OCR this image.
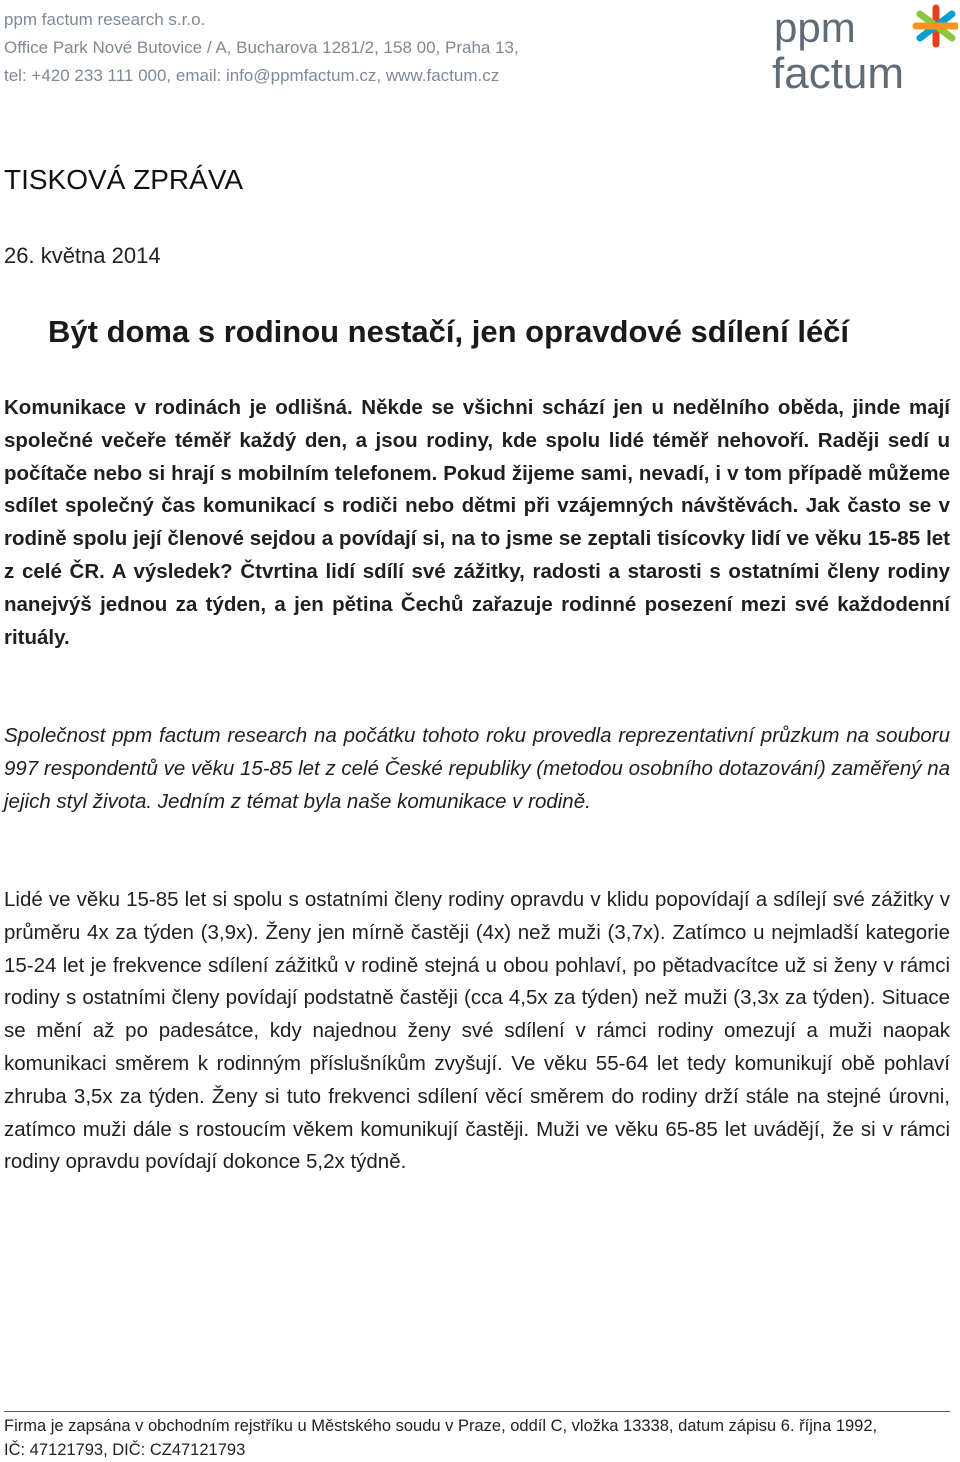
ppm factum research s.r.o.
Office Park Nové Butovice / A, Bucharova 1281/2, 158 00, Praha 13,
tel: +420 233 111 000, email: info@ppmfactum.cz, www.factum.cz
ppm
factum
TISKOVÁ ZPRÁVA
26. května 2014
Být doma s rodinou nestačí, jen opravdové sdílení léčí
Komunikace v rodinách je odlišná. Někde se všichni schází jen u nedělního oběda, jinde mají společné večeře téměř každý den, a jsou rodiny, kde spolu lidé téměř nehovoří. Raději sedí u počítače nebo si hrají s mobilním telefonem. Pokud žijeme sami, nevadí, i v tom případě můžeme sdílet společný čas komunikací s rodiči nebo dětmi při vzájemných návštěvách. Jak často se v rodině spolu její členové sejdou a povídají si, na to jsme se zeptali tisícovky lidí ve věku 15-85 let z celé ČR. A výsledek? Čtvrtina lidí sdílí své zážitky, radosti a starosti s ostatními členy rodiny nanejvýš jednou za týden, a jen pětina Čechů zařazuje rodinné posezení mezi své každodenní rituály.
Společnost ppm factum research na počátku tohoto roku provedla reprezentativní průzkum na souboru 997 respondentů ve věku 15-85 let z celé České republiky (metodou osobního dotazování) zaměřený na jejich styl života. Jedním z témat byla naše komunikace v rodině.
Lidé ve věku 15-85 let si spolu s ostatními členy rodiny opravdu v klidu popovídají a sdílejí své zážitky v průměru 4x za týden (3,9x). Ženy jen mírně častěji (4x) než muži (3,7x). Zatímco u nejmladší kategorie 15-24 let je frekvence sdílení zážitků v rodině stejná u obou pohlaví, po pětadvacítce už si ženy v rámci rodiny s ostatními členy povídají podstatně častěji (cca 4,5x za týden) než muži (3,3x za týden). Situace se mění až po padesátce, kdy najednou ženy své sdílení v rámci rodiny omezují a muži naopak komunikaci směrem k rodinným příslušníkům zvyšují. Ve věku 55-64 let tedy komunikují obě pohlaví zhruba 3,5x za týden. Ženy si tuto frekvenci sdílení věcí směrem do rodiny drží stále na stejné úrovni, zatímco muži dále s rostoucím věkem komunikují častěji. Muži ve věku 65-85 let uvádějí, že si v rámci rodiny opravdu povídají dokonce 5,2x týdně.
Firma je zapsána v obchodním rejstříku u Městského soudu v Praze, oddíl C, vložka 13338, datum zápisu 6. října 1992,
IČ: 47121793, DIČ: CZ47121793
